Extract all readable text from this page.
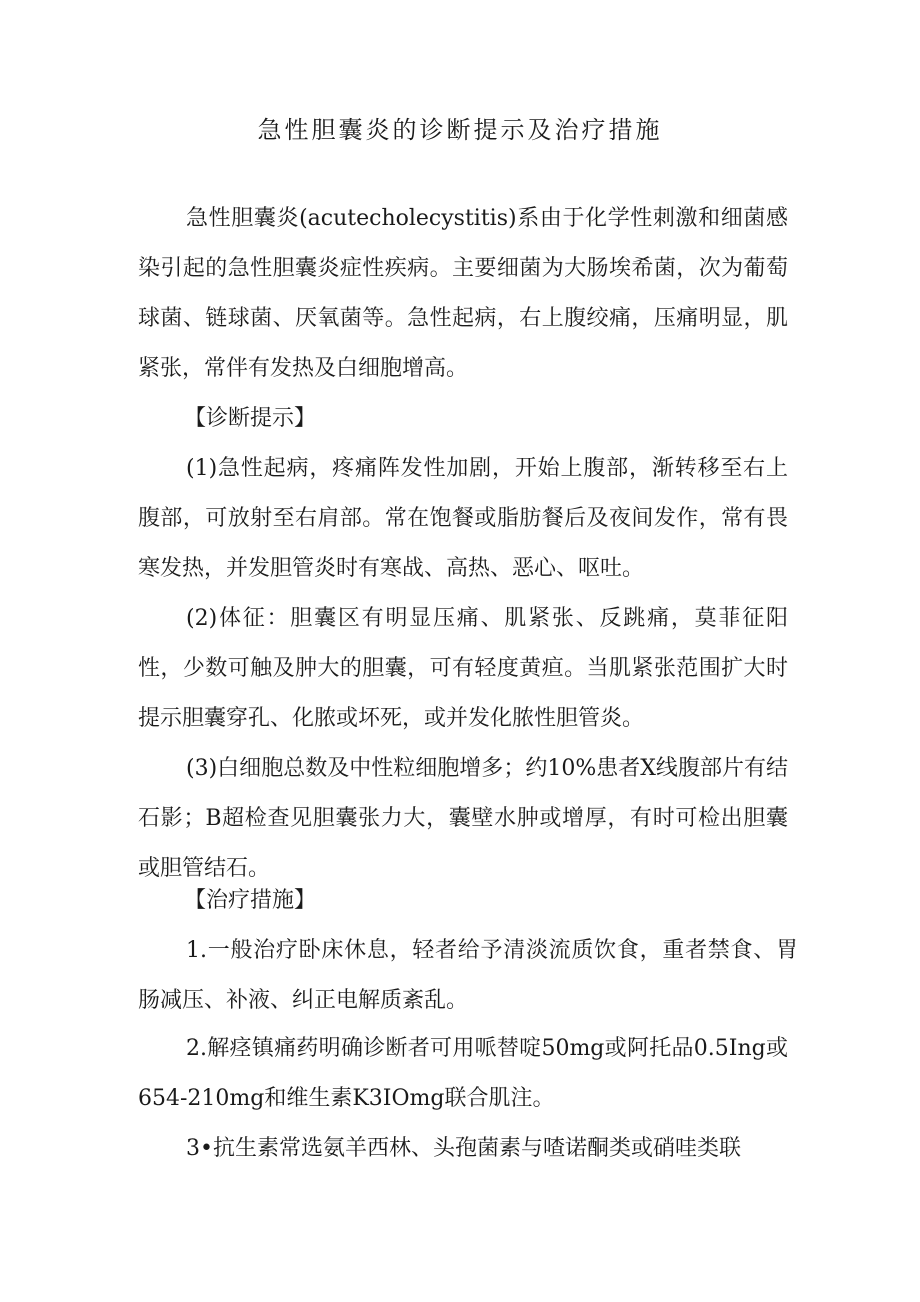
急性胆囊炎的诊断提示及治疗措施

急性胆囊炎(acutecholecystitis)系由于化学性刺激和细菌感染引起的急性胆囊炎症性疾病。主要细菌为大肠埃希菌，次为葡萄球菌、链球菌、厌氧菌等。急性起病，右上腹绞痛，压痛明显，肌紧张，常伴有发热及白细胞增高。

【诊断提示】

(1)急性起病，疼痛阵发性加剧，开始上腹部，渐转移至右上腹部，可放射至右肩部。常在饱餐或脂肪餐后及夜间发作，常有畏寒发热，并发胆管炎时有寒战、高热、恶心、呕吐。

(2)体征：胆囊区有明显压痛、肌紧张、反跳痛，莫菲征阳性，少数可触及肿大的胆囊，可有轻度黄疸。当肌紧张范围扩大时提示胆囊穿孔、化脓或坏死，或并发化脓性胆管炎。

(3)白细胞总数及中性粒细胞增多；约10%患者X线腹部片有结石影；B超检查见胆囊张力大，囊壁水肿或增厚，有时可检出胆囊或胆管结石。

【治疗措施】

1.一般治疗卧床休息，轻者给予清淡流质饮食，重者禁食、胃肠减压、补液、纠正电解质紊乱。

2.解痉镇痛药明确诊断者可用哌替啶50mg或阿托品0.5Ing或654-210mg和维生素K3IOmg联合肌注。

3•抗生素常选氨羊西林、头孢菌素与喳诺酮类或硝哇类联
